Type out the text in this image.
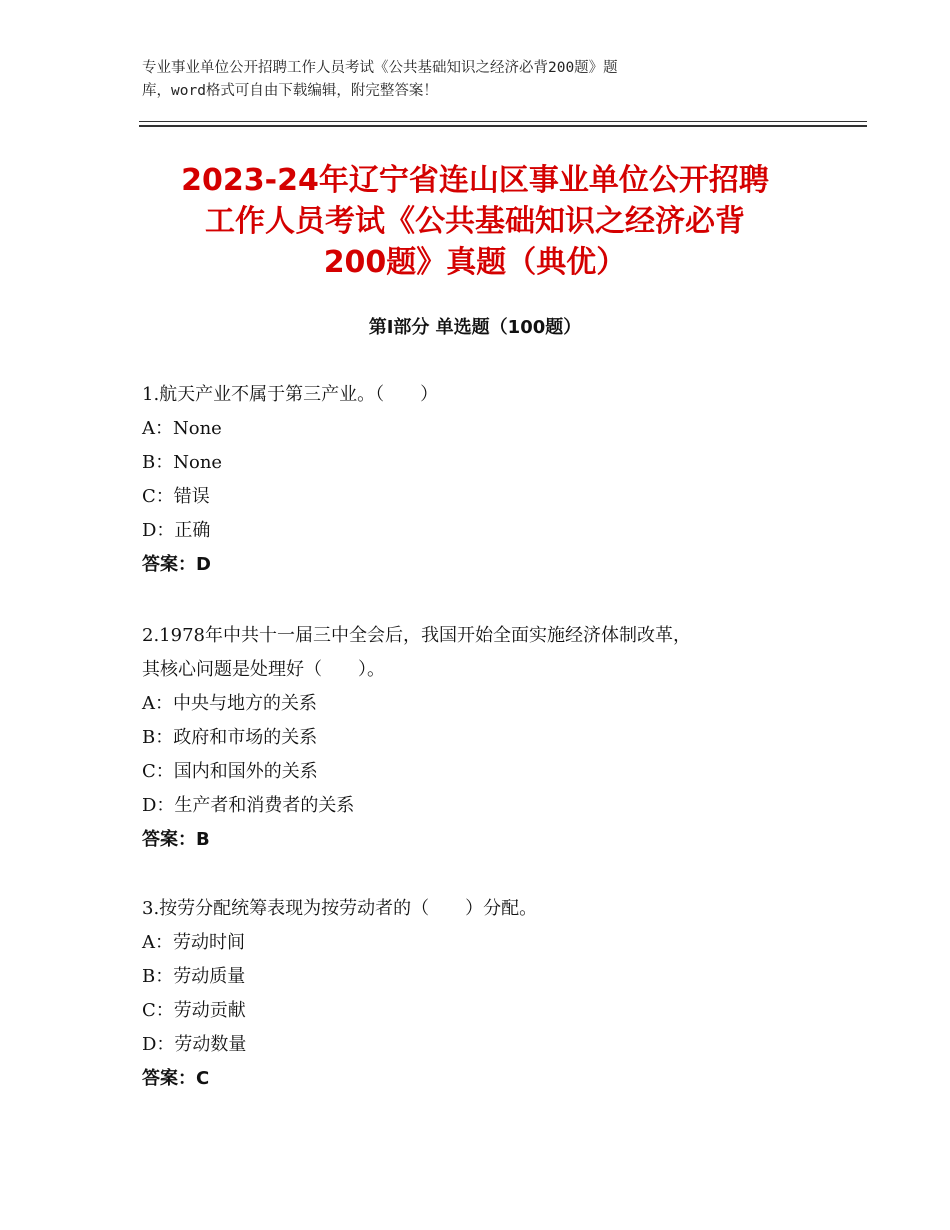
专业事业单位公开招聘工作人员考试《公共基础知识之经济必背200题》题
库，word格式可自由下载编辑，附完整答案！
2023-24年辽宁省连山区事业单位公开招聘
工作人员考试《公共基础知识之经济必背
200题》真题（典优）
第Ⅰ部分 单选题（100题）
1.航天产业不属于第三产业。（　　）
A：None
B：None
C：错误
D：正确
答案：D
2.1978年中共十一届三中全会后，我国开始全面实施经济体制改革，
其核心问题是处理好（　　）。
A：中央与地方的关系
B：政府和市场的关系
C：国内和国外的关系
D：生产者和消费者的关系
答案：B
3.按劳分配统筹表现为按劳动者的（　　）分配。
A：劳动时间
B：劳动质量
C：劳动贡献
D：劳动数量
答案：C
